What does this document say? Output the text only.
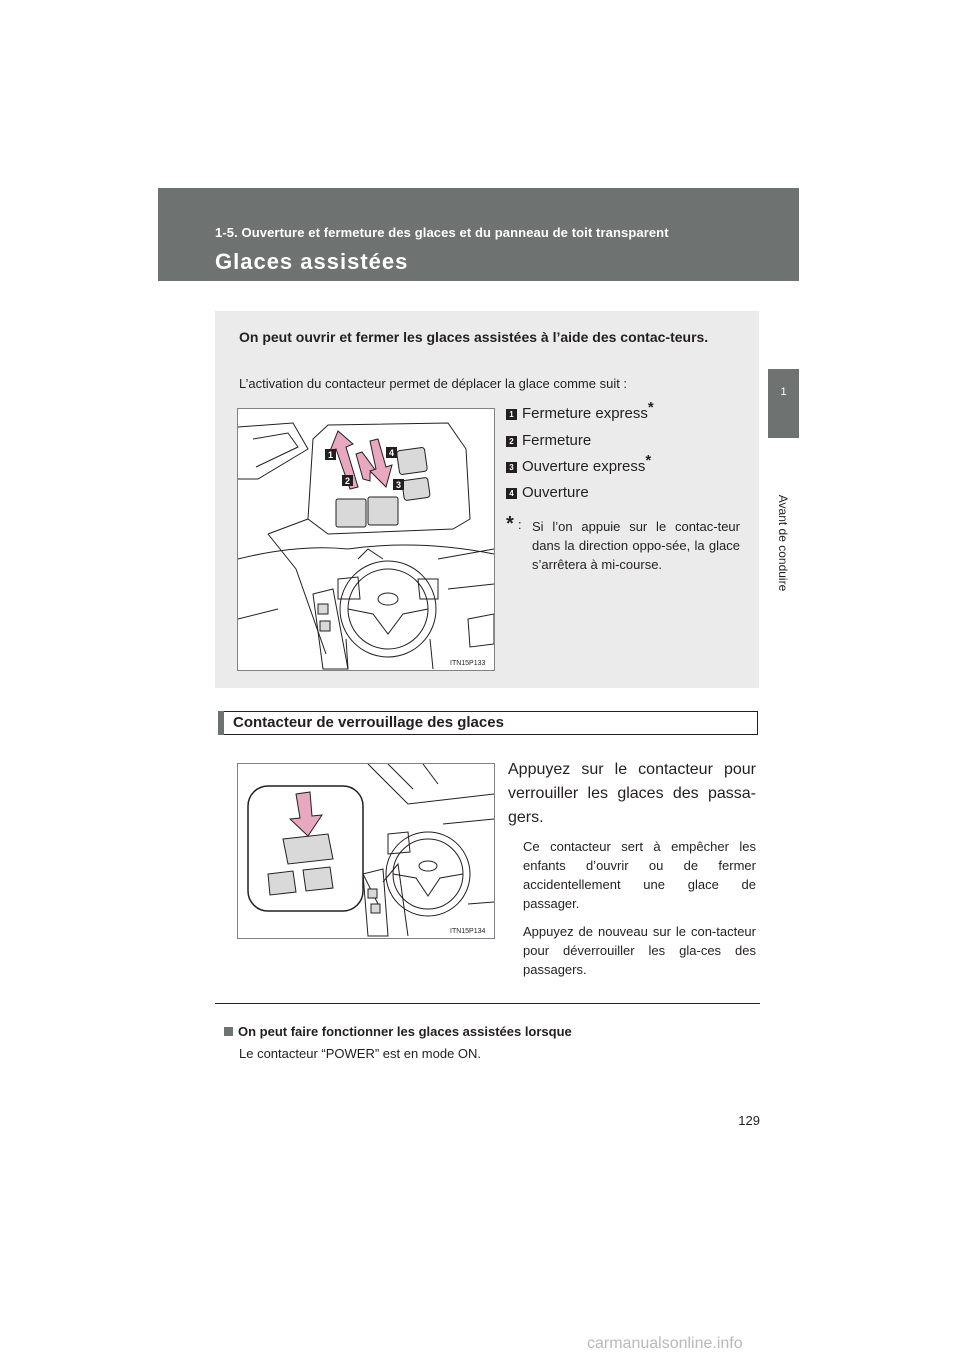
1-5. Ouverture et fermeture des glaces et du panneau de toit transparent
Glaces assistées
1
Avant de conduire
On peut ouvrir et fermer les glaces assistées à l’aide des contac-teurs.
L’activation du contacteur permet de déplacer la glace comme suit :
1	4
2	3
ITN15P133
1 Fermeture express*
2 Fermeture
3 Ouverture express*
4 Ouverture
* : Si l’on appuie sur le contac-teur dans la direction oppo-sée, la glace s’arrêtera à mi-course.
Contacteur de verrouillage des glaces
ITN15P134
Appuyez sur le contacteur pour verrouiller les glaces des passa-gers.
Ce contacteur sert à empêcher les enfants d’ouvrir ou de fermer accidentellement une glace de passager.
Appuyez de nouveau sur le con-tacteur pour déverrouiller les gla-ces des passagers.
On peut faire fonctionner les glaces assistées lorsque
Le contacteur “POWER” est en mode ON.
129
carmanualsonline.info
